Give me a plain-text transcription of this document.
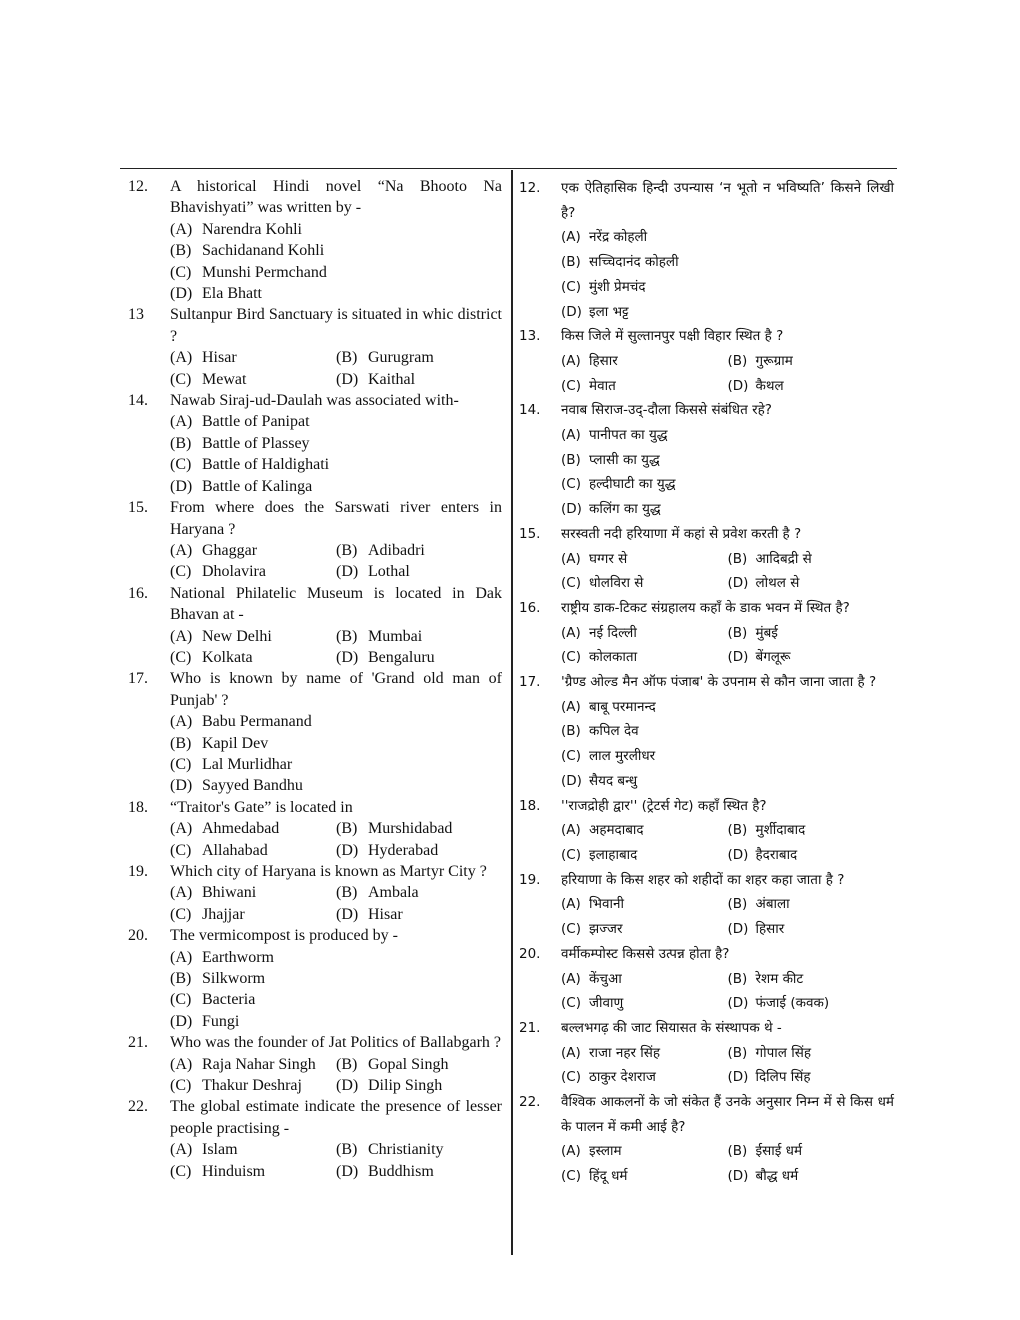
12.	A historical Hindi novel “Na Bhooto Na Bhavishyati” was written by -
(A) Narendra Kohli
(B) Sachidanand Kohli
(C) Munshi Permchand
(D) Ela Bhatt
13	Sultanpur Bird Sanctuary is situated in whic district ?
(A) Hisar	(B) Gurugram
(C) Mewat	(D) Kaithal
14.	Nawab Siraj-ud-Daulah was associated with-
(A) Battle of Panipat
(B) Battle of Plassey
(C) Battle of Haldighati
(D) Battle of Kalinga
15.	From where does the Sarswati river enters in Haryana ?
(A) Ghaggar	(B) Adibadri
(C) Dholavira	(D) Lothal
16.	National Philatelic Museum is located in Dak Bhavan at -
(A) New Delhi	(B) Mumbai
(C) Kolkata	(D) Bengaluru
17.	Who is known by name of 'Grand old man of Punjab' ?
(A) Babu Permanand
(B) Kapil Dev
(C) Lal Murlidhar
(D) Sayyed Bandhu
18.	“Traitor's Gate” is located in
(A) Ahmedabad	(B) Murshidabad
(C) Allahabad	(D) Hyderabad
19.	Which city of Haryana is known as Martyr City ?
(A) Bhiwani	(B) Ambala
(C) Jhajjar	(D) Hisar
20.	The vermicompost is produced by -
(A) Earthworm
(B) Silkworm
(C) Bacteria
(D) Fungi
21.	Who was the founder of Jat Politics of Ballabgarh ?
(A) Raja Nahar Singh (B) Gopal Singh
(C) Thakur Deshraj (D) Dilip Singh
22.	The global estimate indicate the presence of lesser people practising -
(A) Islam	(B) Christianity
(C) Hinduism	(D) Buddhism
12.	एक ऐतिहासिक हिन्दी उपन्यास ‘न भूतो न भविष्यति’ किसने लिखी है?
(A) नरेंद्र कोहली
(B) सच्चिदानंद कोहली
(C) मुंशी प्रेमचंद
(D) इला भट्ट
13.	किस जिले में सुल्तानपुर पक्षी विहार स्थित है ?
(A) हिसार	(B) गुरूग्राम
(C) मेवात	(D) कैथल
14.	नवाब सिराज-उद्-दौला किससे संबंधित रहे?
(A) पानीपत का युद्ध
(B) प्लासी का युद्ध
(C) हल्दीघाटी का युद्ध
(D) कलिंग का युद्ध
15.	सरस्वती नदी हरियाणा में कहां से प्रवेश करती है ?
(A) घग्गर से	(B) आदिबद्री से
(C) धोलविरा से	(D) लोथल से
16.	राष्ट्रीय डाक-टिकट संग्रहालय कहाँ के डाक भवन में स्थित है?
(A) नई दिल्ली	(B) मुंबई
(C) कोलकाता	(D) बेंगलूरू
17.	'ग्रैण्ड ओल्ड मैन ऑफ पंजाब' के उपनाम से कौन जाना जाता है ?
(A) बाबू परमानन्द
(B) कपिल देव
(C) लाल मुरलीधर
(D) सैयद बन्धु
18.	''राजद्रोही द्वार'' (ट्रेटर्स गेट) कहाँ स्थित है?
(A) अहमदाबाद	(B) मुर्शीदाबाद
(C) इलाहाबाद	(D) हैदराबाद
19.	हरियाणा के किस शहर को शहीदों का शहर कहा जाता है ?
(A) भिवानी	(B) अंबाला
(C) झज्जर	(D) हिसार
20.	वर्मीकम्पोस्ट किससे उत्पन्न होता है?
(A) केंचुआ	(B) रेशम कीट
(C) जीवाणु	(D) फंजाई (कवक)
21.	बल्लभगढ़ की जाट सियासत के संस्थापक थे -
(A) राजा नहर सिंह	(B) गोपाल सिंह
(C) ठाकुर देशराज	(D) दिलिप सिंह
22.	वैश्विक आकलनों के जो संकेत हैं उनके अनुसार निम्न में से किस धर्म के पालन में कमी आई है?
(A) इस्लाम	(B) ईसाई धर्म
(C) हिंदू धर्म	(D) बौद्ध धर्म
